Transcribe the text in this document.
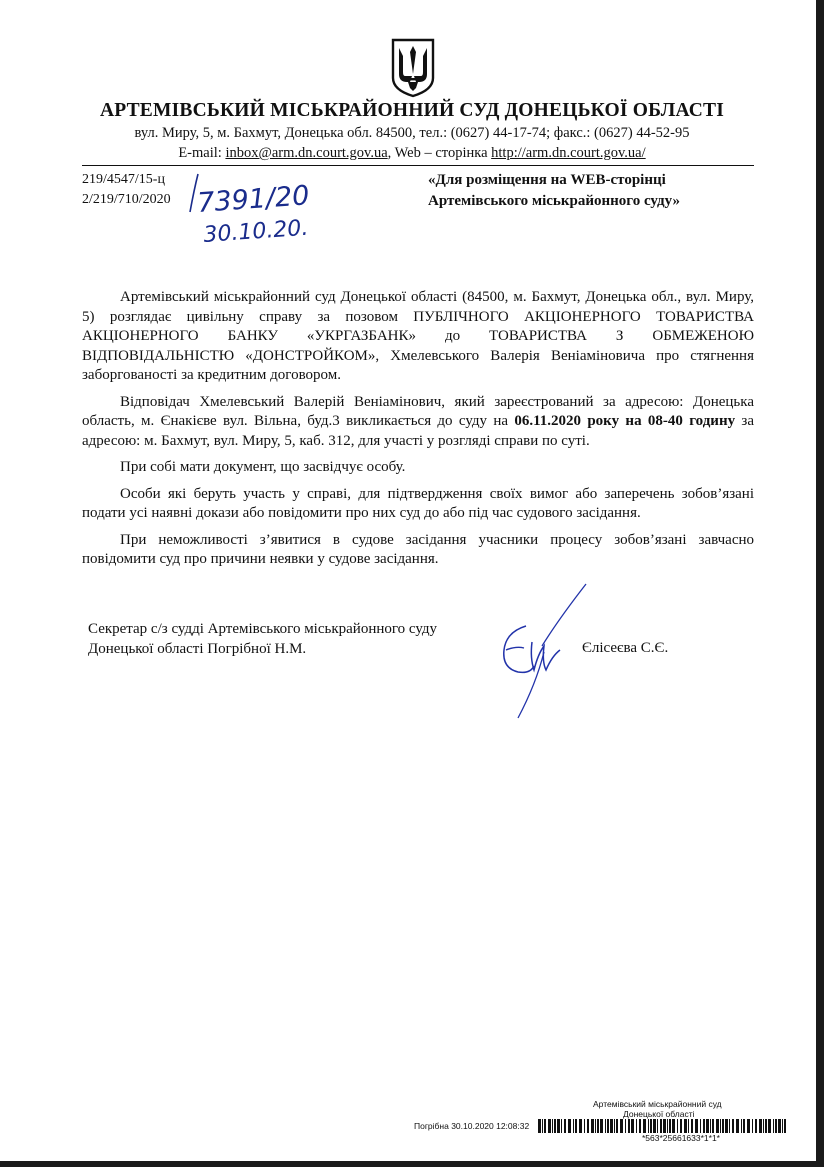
АРТЕМІВСЬКИЙ МІСЬКРАЙОННИЙ СУД ДОНЕЦЬКОЇ ОБЛАСТІ
вул. Миру, 5, м. Бахмут, Донецька обл. 84500, тел.: (0627) 44-17-74; факс.: (0627) 44-52-95
E-mail: inbox@arm.dn.court.gov.ua, Web – сторінка http://arm.dn.court.gov.ua/
219/4547/15-ц
2/219/710/2020 7391/20
30.10.20.
«Для розміщення на WEB-сторінці
Артемівського міськрайонного суду»

Артемівський міськрайонний суд Донецької області (84500, м. Бахмут, Донецька обл., вул. Миру, 5) розглядає цивільну справу за позовом ПУБЛІЧНОГО АКЦІОНЕРНОГО ТОВАРИСТВА АКЦІОНЕРНОГО БАНКУ «УКРГАЗБАНК» до ТОВАРИСТВА З ОБМЕЖЕНОЮ ВІДПОВІДАЛЬНІСТЮ «ДОНСТРОЙКОМ», Хмелевського Валерія Веніаміновича про стягнення заборгованості за кредитним договором.

Відповідач Хмелевський Валерій Веніамінович, який зареєстрований за адресою: Донецька область, м. Єнакієве вул. Вільна, буд.3 викликається до суду на 06.11.2020 року на 08-40 годину за адресою: м. Бахмут, вул. Миру, 5, каб. 312, для участі у розгляді справи по суті.

При собі мати документ, що засвідчує особу.

Особи які беруть участь у справі, для підтвердження своїх вимог або заперечень зобов’язані подати усі наявні докази або повідомити про них суд до або під час судового засідання.

При неможливості з’явитися в судове засідання учасники процесу зобов’язані завчасно повідомити суд про причини неявки у судове засідання.

Секретар с/з судді Артемівського міськрайонного суду
Донецької області Погрібної Н.М.	Єлісеєва С.Є.
Артемівський міськрайонний суд
Донецької області
Погрібна 30.10.2020 12:08:32
*563*25661633*1*1*
